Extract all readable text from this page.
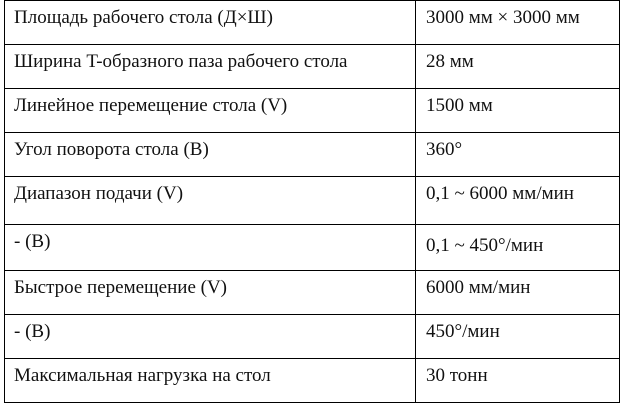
Площадь рабочего стола (Д×Ш)	3000 мм × 3000 мм
Ширина T-образного паза рабочего стола	28 мм
Линейное перемещение стола (V)	1500 мм
Угол поворота стола (B)	360°
Диапазон подачи (V)	0,1 ~ 6000 мм/мин
- (B)	0,1 ~ 450°/мин
Быстрое перемещение (V)	6000 мм/мин
- (B)	450°/мин
Максимальная нагрузка на стол	30 тонн
